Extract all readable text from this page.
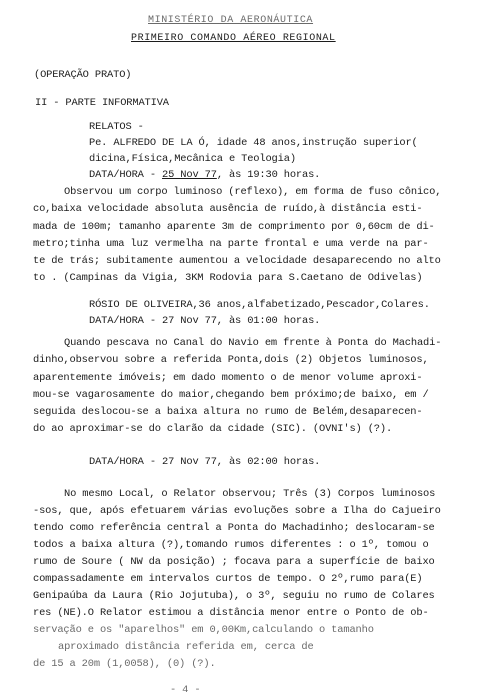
MINISTÉRIO DA AERONÁUTICA
PRIMEIRO COMANDO AÉREO REGIONAL
(OPERAÇÃO PRATO)
II - PARTE INFORMATIVA
RELATOS -
Pe. ALFREDO DE LA Ó, idade 48 anos,instrução superior(
dicina,Física,Mecânica e Teologia)
DATA/HORA - 25 Nov 77, às 19:30 horas.
Observou um corpo luminoso (reflexo), em forma de fuso cônico,
co,baixa velocidade absoluta ausência de ruído,à distância esti-
mada de 100m; tamanho aparente 3m de comprimento por 0,60cm de di-
metro;tinha uma luz vermelha na parte frontal e uma verde na par-
te de trás; subitamente aumentou a velocidade desaparecendo no alto
to . (Campinas da Vigia, 3KM Rodovia para S.Caetano de Odivelas)
RÓSIO DE OLIVEIRA,36 anos,alfabetizado,Pescador,Colares.
DATA/HORA - 27 Nov 77, às 01:00 horas.
Quando pescava no Canal do Navio em frente à Ponta do Machadi-
dinho,observou sobre a referida Ponta,dois (2) Objetos luminosos,
aparentemente imóveis; em dado momento o de menor volume aproxi-
mou-se vagarosamente do maior,chegando bem próximo;de baixo, em /
seguida deslocou-se a baixa altura no rumo de Belém,desaparecen-
do ao aproximar-se do clarão da cidade (SIC). (OVNI's) (?).
DATA/HORA - 27 Nov 77, às 02:00 horas.
No mesmo Local, o Relator observou; Três (3) Corpos luminosos
-sos, que, após efetuarem várias evoluções sobre a Ilha do Cajueiro
tendo como referência central a Ponta do Machadinho; deslocaram-se
todos a baixa altura (?),tomando rumos diferentes : o 1º, tomou o
rumo de Soure ( NW da posição) ; focava para a superfície de baixo
compassadamente em intervalos curtos de tempo. O 2º,rumo para(E)
Genipaúba da Laura (Rio Jojutuba), o 3º, seguiu no rumo de Colares
res (NE).O Relator estimou a distância menor entre o Ponto de ob-
servação e os "aparelhos" em 0,00Km,calculando o tamanho
aproximado distância referida em, cerca de
de 15 a 20m (1,0058), (0) (?).
- 4 -
